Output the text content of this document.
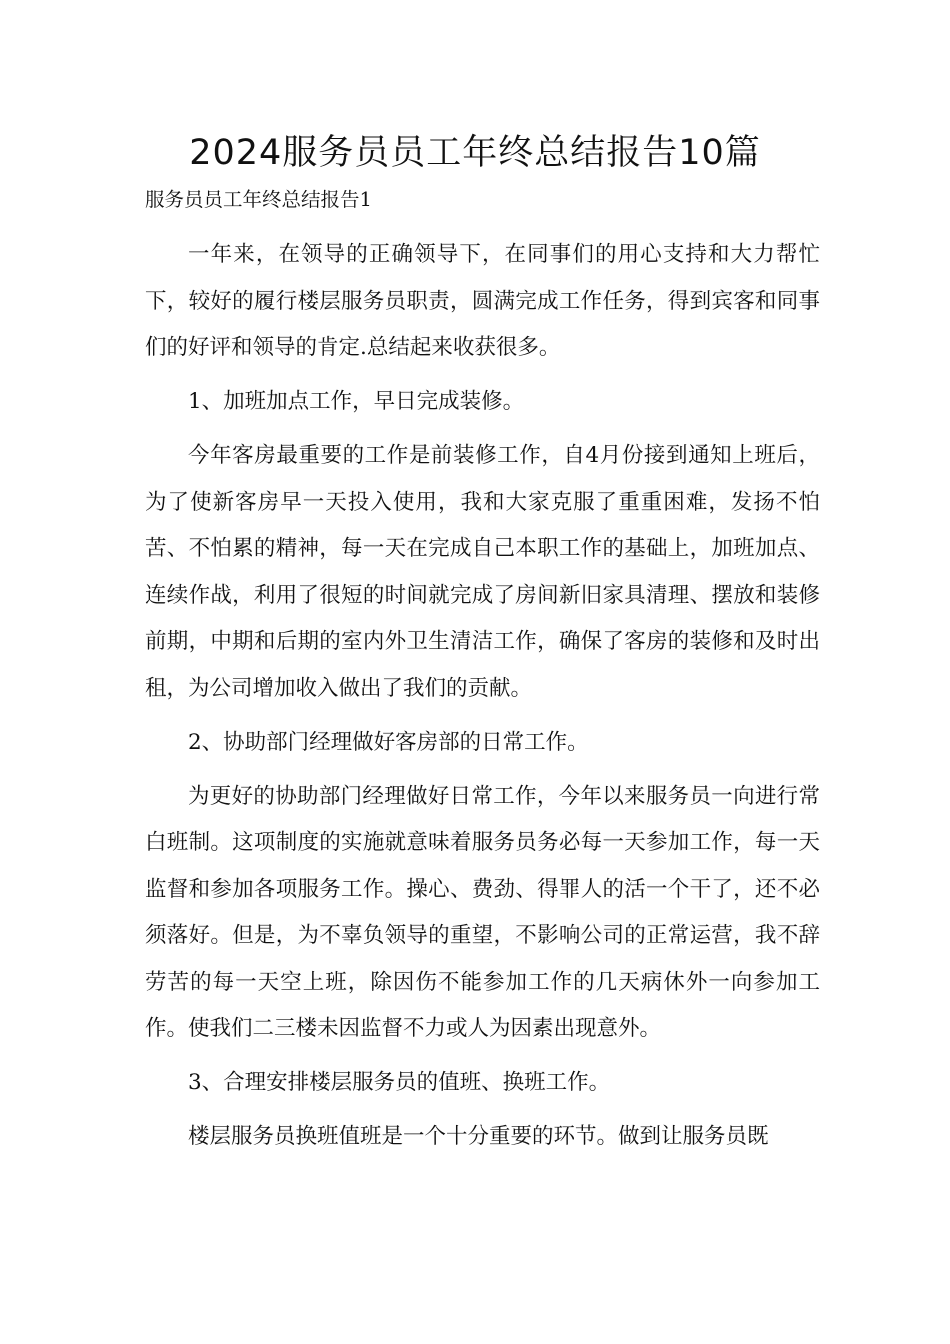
2024服务员员工年终总结报告10篇
服务员员工年终总结报告1

一年来，在领导的正确领导下，在同事们的用心支持和大力帮忙下，较好的履行楼层服务员职责，圆满完成工作任务，得到宾客和同事们的好评和领导的肯定.总结起来收获很多。

1、加班加点工作，早日完成装修。

今年客房最重要的工作是前装修工作，自4月份接到通知上班后，为了使新客房早一天投入使用，我和大家克服了重重困难，发扬不怕苦、不怕累的精神，每一天在完成自己本职工作的基础上，加班加点、连续作战，利用了很短的时间就完成了房间新旧家具清理、摆放和装修前期，中期和后期的室内外卫生清洁工作，确保了客房的装修和及时出租，为公司增加收入做出了我们的贡献。

2、协助部门经理做好客房部的日常工作。

为更好的协助部门经理做好日常工作，今年以来服务员一向进行常白班制。这项制度的实施就意味着服务员务必每一天参加工作，每一天监督和参加各项服务工作。操心、费劲、得罪人的活一个干了，还不必须落好。但是，为不辜负领导的重望，不影响公司的正常运营，我不辞劳苦的每一天空上班，除因伤不能参加工作的几天病休外一向参加工作。使我们二三楼未因监督不力或人为因素出现意外。

3、合理安排楼层服务员的值班、换班工作。

楼层服务员换班值班是一个十分重要的环节。做到让服务员既
